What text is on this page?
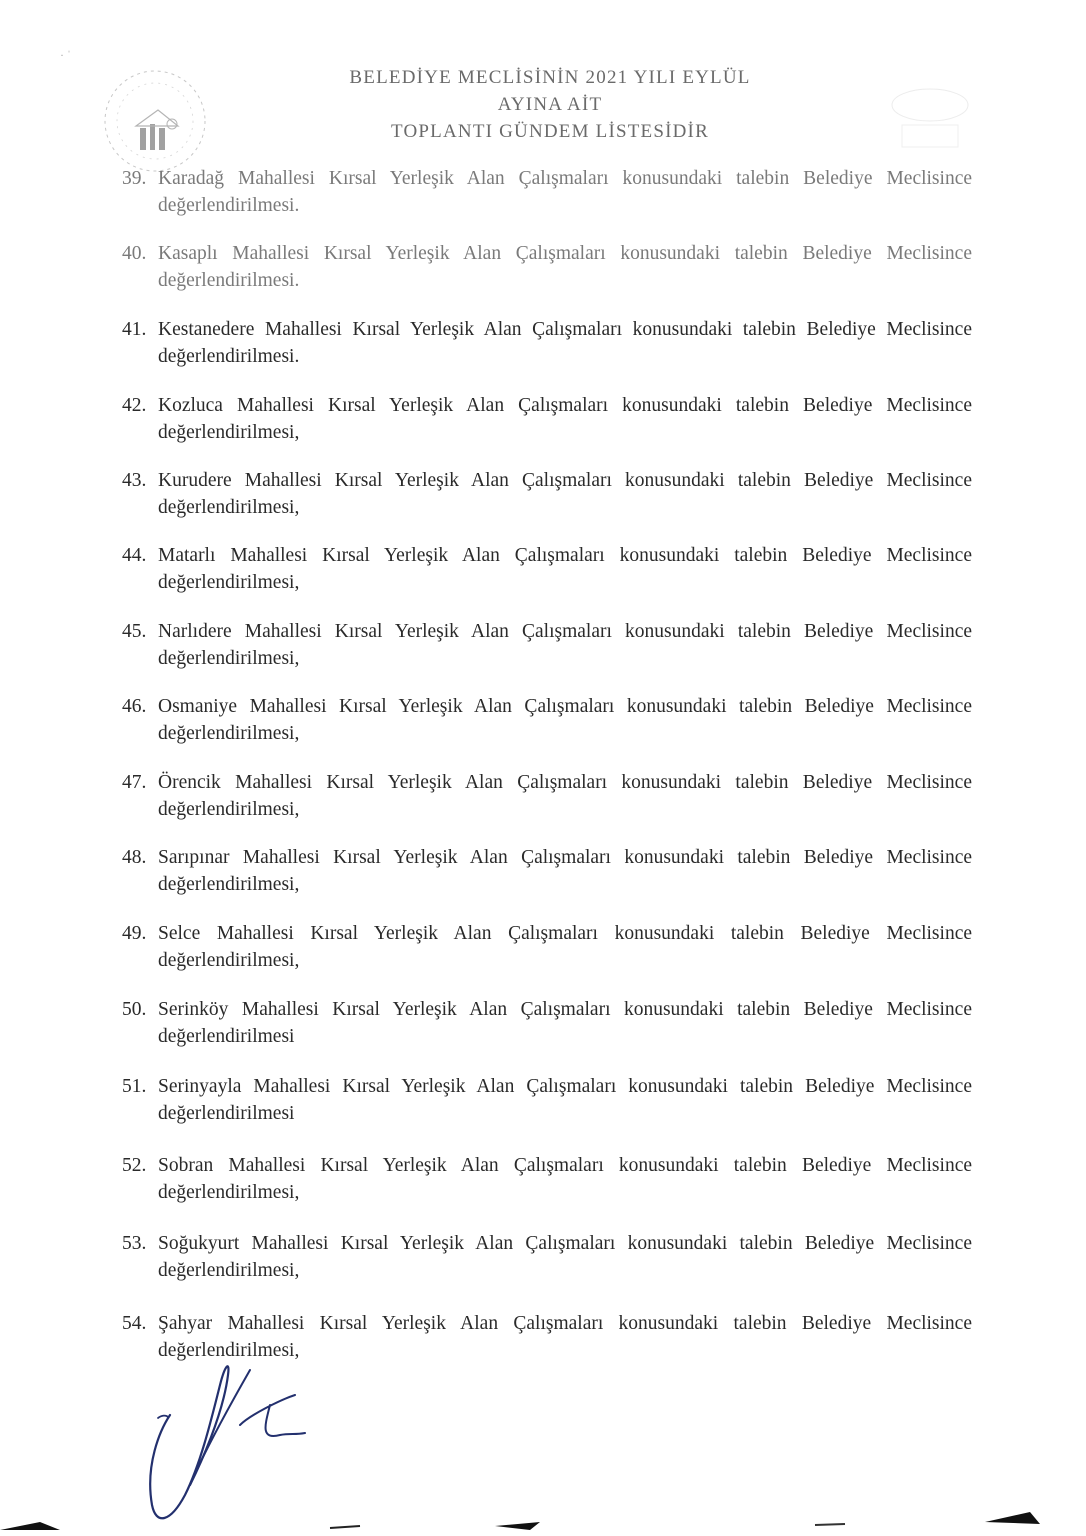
· ˈ
BELEDİYE MECLİSİNİN 2021 YILI EYLÜL
AYINA AİT
TOPLANTI GÜNDEM LİSTESİDİR
39. Karadağ Mahallesi Kırsal Yerleşik Alan Çalışmaları konusundaki talebin Belediye Meclisince değerlendirilmesi.
40. Kasaplı Mahallesi Kırsal Yerleşik Alan Çalışmaları konusundaki talebin Belediye Meclisince değerlendirilmesi.
41. Kestanedere Mahallesi Kırsal Yerleşik Alan Çalışmaları konusundaki talebin Belediye Meclisince değerlendirilmesi.
42. Kozluca Mahallesi Kırsal Yerleşik Alan Çalışmaları konusundaki talebin Belediye Meclisince değerlendirilmesi,
43. Kurudere Mahallesi Kırsal Yerleşik Alan Çalışmaları konusundaki talebin Belediye Meclisince değerlendirilmesi,
44. Matarlı Mahallesi Kırsal Yerleşik Alan Çalışmaları konusundaki talebin Belediye Meclisince değerlendirilmesi,
45. Narlıdere Mahallesi Kırsal Yerleşik Alan Çalışmaları konusundaki talebin Belediye Meclisince değerlendirilmesi,
46. Osmaniye Mahallesi Kırsal Yerleşik Alan Çalışmaları konusundaki talebin Belediye Meclisince değerlendirilmesi,
47. Örencik Mahallesi Kırsal Yerleşik Alan Çalışmaları konusundaki talebin Belediye Meclisince değerlendirilmesi,
48. Sarıpınar Mahallesi Kırsal Yerleşik Alan Çalışmaları konusundaki talebin Belediye Meclisince değerlendirilmesi,
49. Selce Mahallesi Kırsal Yerleşik Alan Çalışmaları konusundaki talebin Belediye Meclisince değerlendirilmesi,
50. Serinköy Mahallesi Kırsal Yerleşik Alan Çalışmaları konusundaki talebin Belediye Meclisince değerlendirilmesi
51. Serinyayla Mahallesi Kırsal Yerleşik Alan Çalışmaları konusundaki talebin Belediye Meclisince değerlendirilmesi
52. Sobran Mahallesi Kırsal Yerleşik Alan Çalışmaları konusundaki talebin Belediye Meclisince değerlendirilmesi,
53. Soğukyurt Mahallesi Kırsal Yerleşik Alan Çalışmaları konusundaki talebin Belediye Meclisince değerlendirilmesi,
54. Şahyar Mahallesi Kırsal Yerleşik Alan Çalışmaları konusundaki talebin Belediye Meclisince değerlendirilmesi,
